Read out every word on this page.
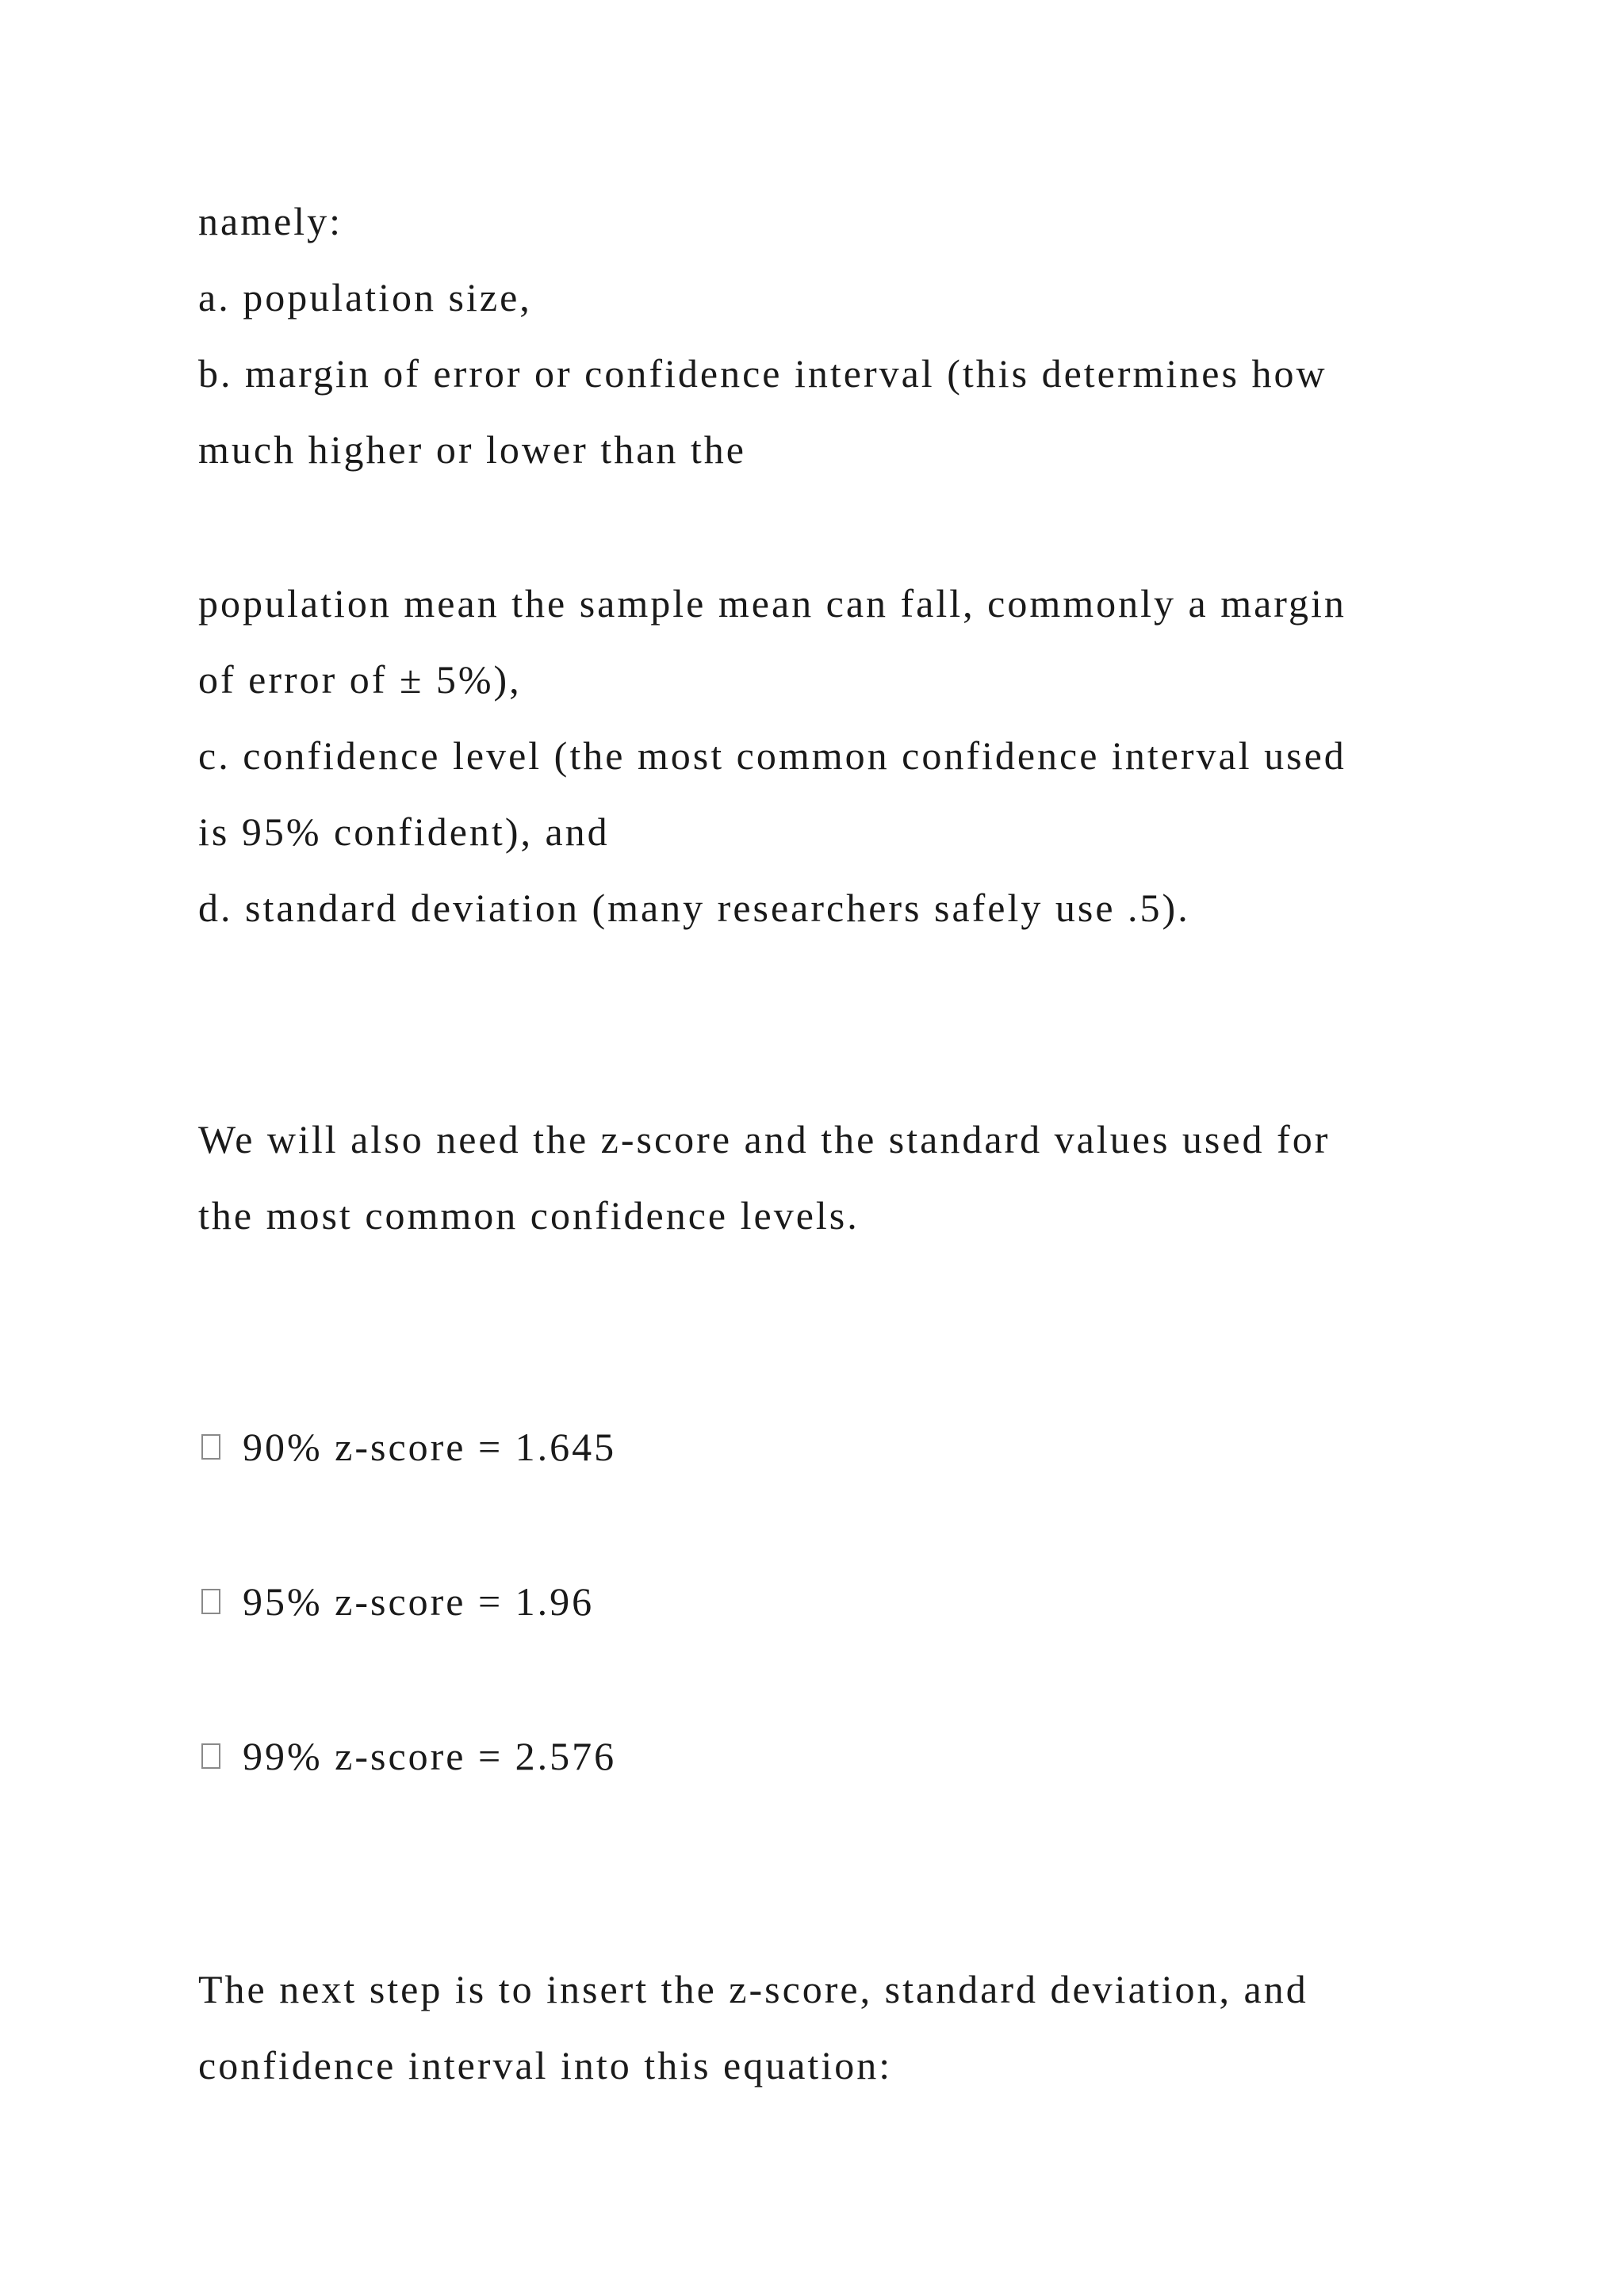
namely:
a. population size,
b. margin of error or confidence interval (this determines how
much higher or lower than the
population mean the sample mean can fall, commonly a margin
of error of ± 5%),
c. confidence level (the most common confidence interval used
is 95% confident), and
d. standard deviation (many researchers safely use .5).
We will also need the z-score and the standard values used for
the most common confidence levels.
90% z-score = 1.645
95% z-score = 1.96
99% z-score = 2.576
The next step is to insert the z-score, standard deviation, and
confidence interval into this equation:
